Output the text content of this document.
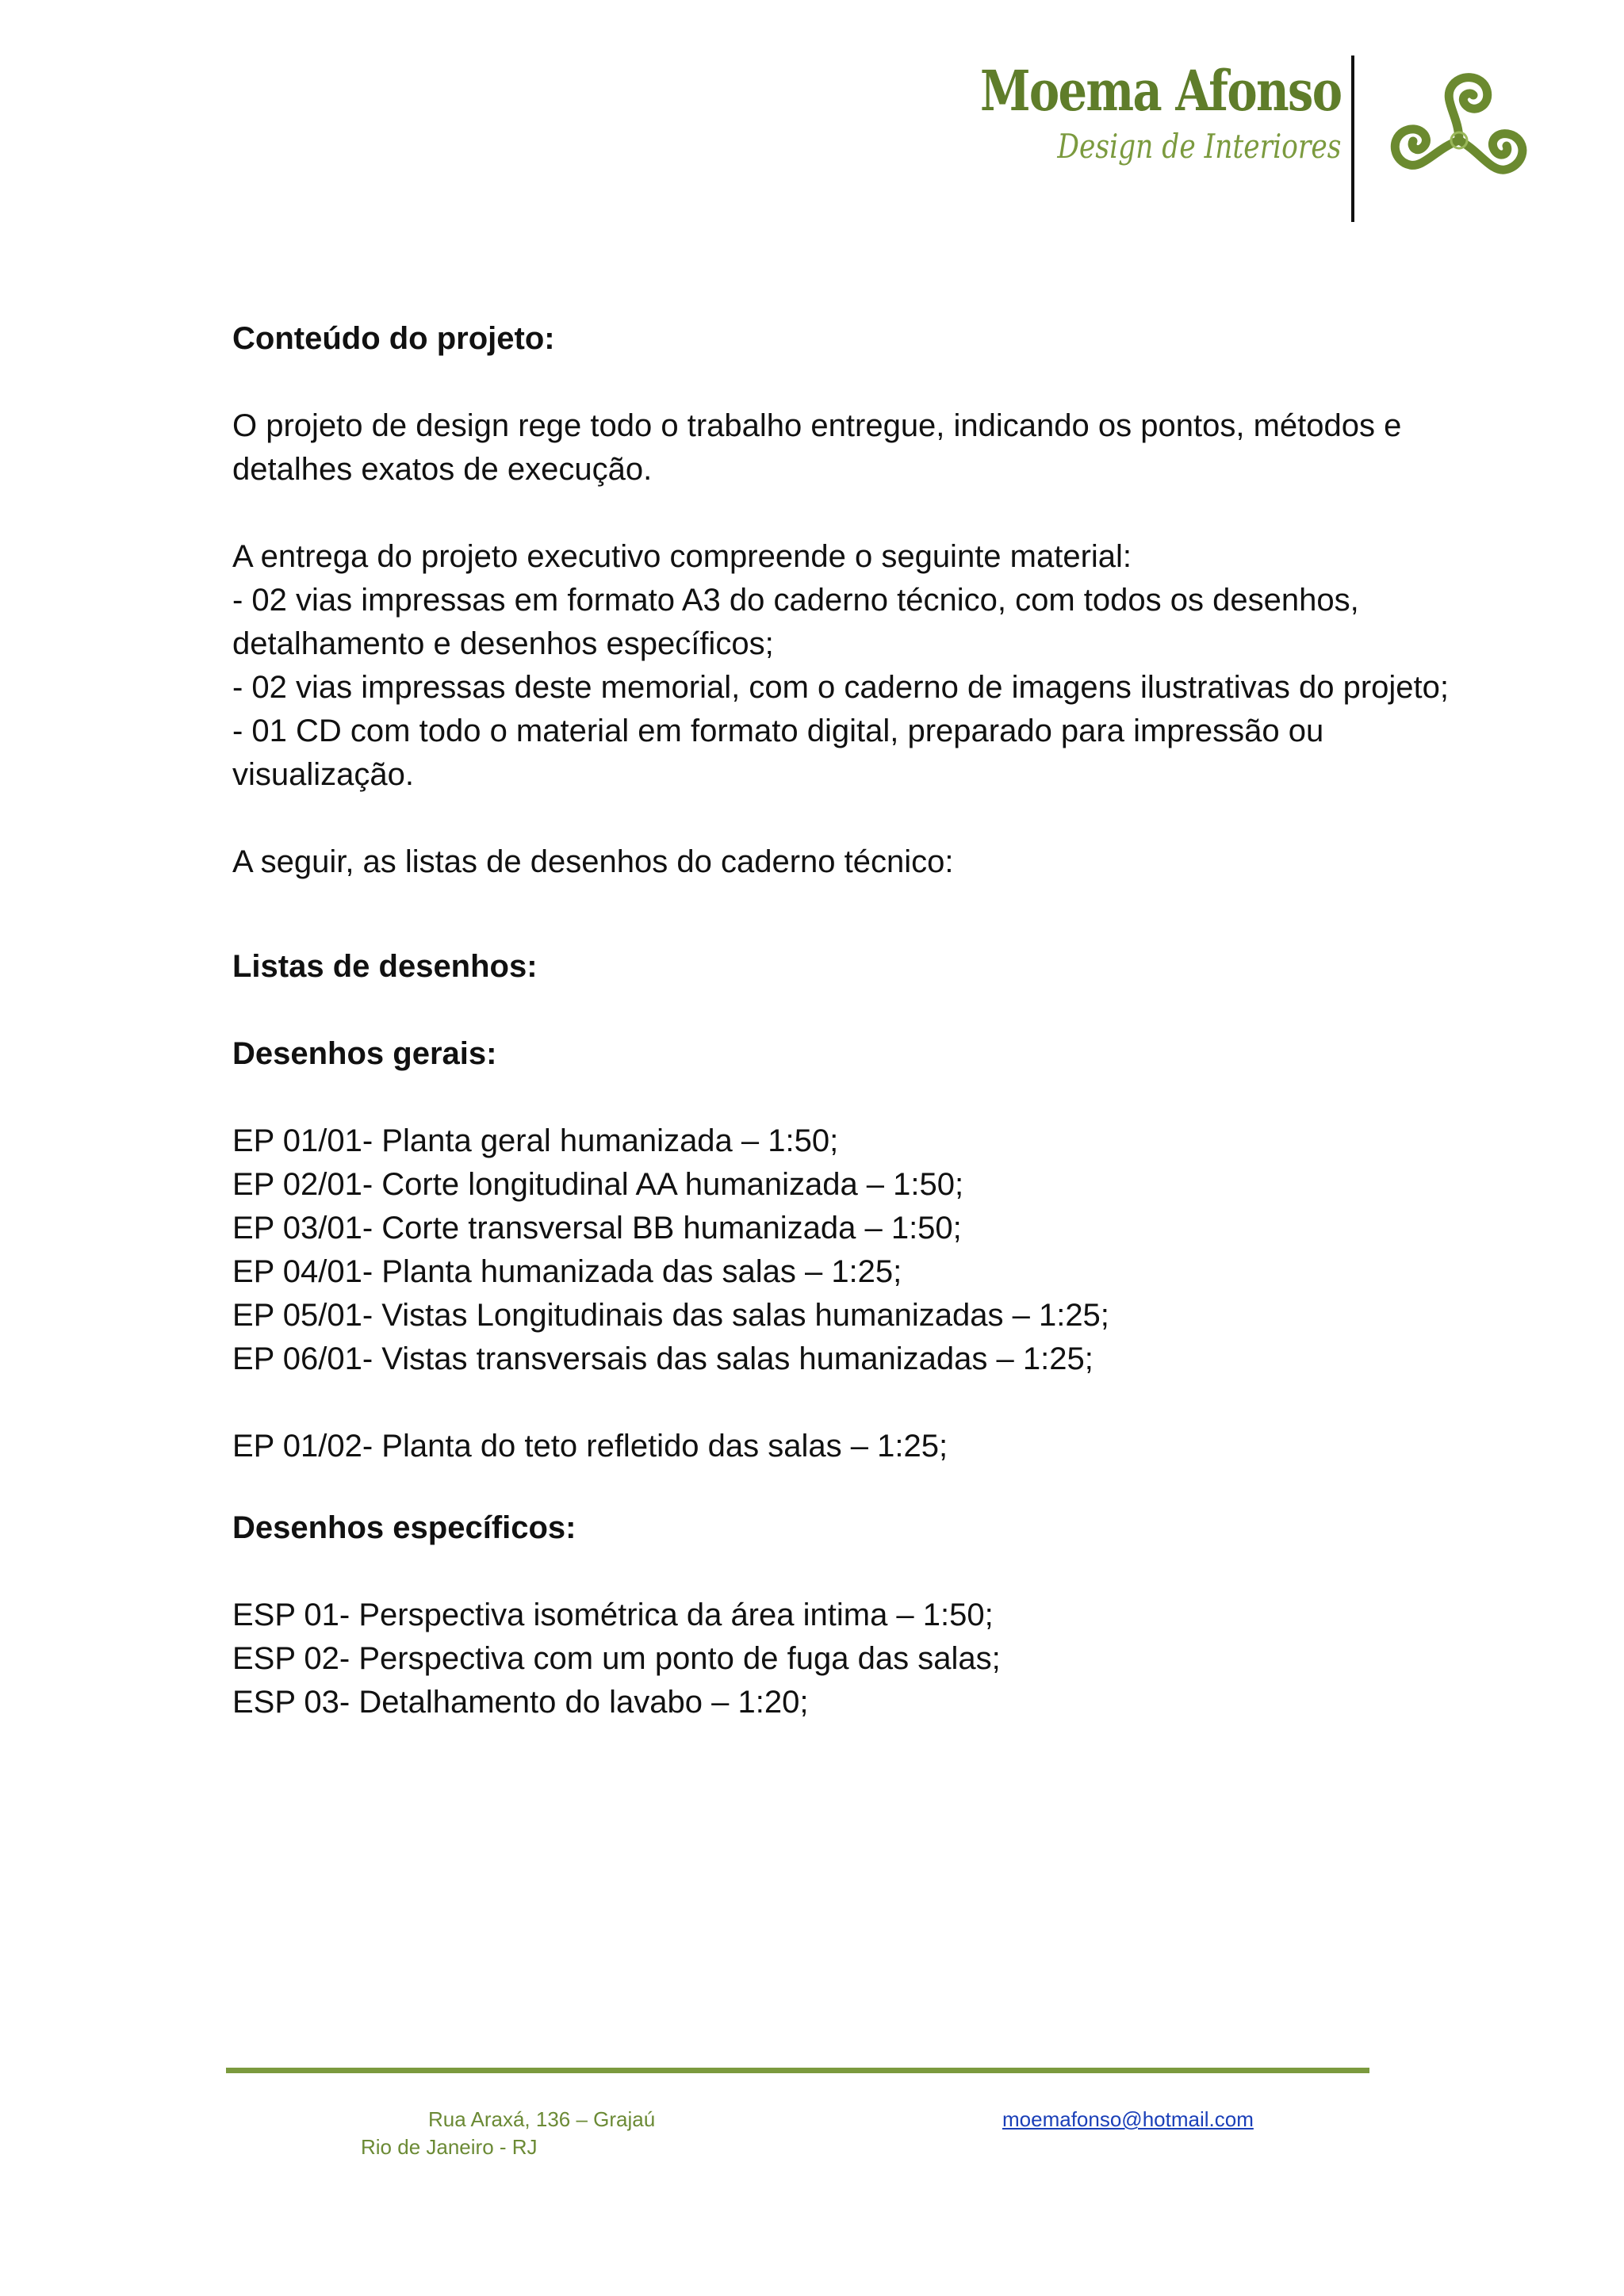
Moema Afonso
Design de Interiores

Conteúdo do projeto:

O projeto de design rege todo o trabalho entregue, indicando os pontos, métodos e detalhes exatos de execução.

A entrega do projeto executivo compreende o seguinte material:

- 02 vias impressas em formato A3 do caderno técnico, com todos os desenhos, detalhamento e desenhos específicos;

- 02 vias impressas deste memorial, com o caderno de imagens ilustrativas do projeto;

- 01 CD com todo o material em formato digital, preparado para impressão ou visualização.

A seguir, as listas de desenhos do caderno técnico:

Listas de desenhos:

Desenhos gerais:

EP 01/01- Planta geral humanizada – 1:50;

EP 02/01- Corte longitudinal AA humanizada – 1:50;

EP 03/01- Corte transversal BB humanizada – 1:50;

EP 04/01- Planta humanizada das salas – 1:25;

EP 05/01- Vistas Longitudinais das salas humanizadas – 1:25;

EP 06/01- Vistas transversais das salas humanizadas – 1:25;

EP 01/02- Planta do teto refletido das salas – 1:25;

Desenhos específicos:

ESP 01- Perspectiva isométrica da área intima – 1:50;

ESP 02- Perspectiva com um ponto de fuga das salas;

ESP 03- Detalhamento do lavabo – 1:20;

Rua Araxá, 136 – Grajaú
Rio de Janeiro - RJ
moemafonso@hotmail.com
